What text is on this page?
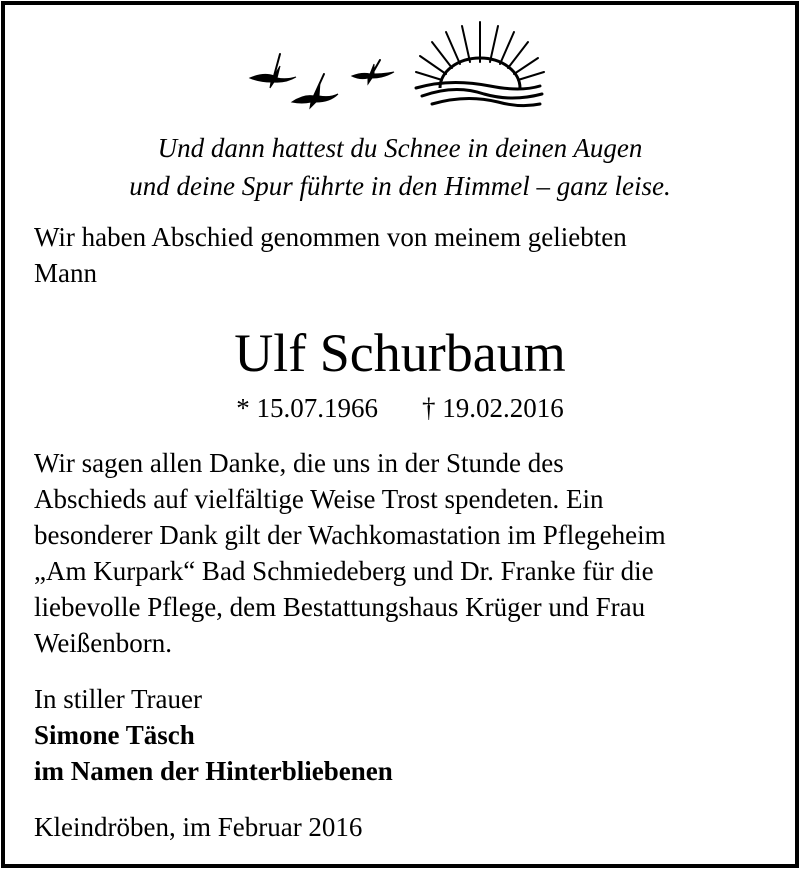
Und dann hattest du Schnee in deinen Augen
und deine Spur führte in den Himmel – ganz leise.
Wir haben Abschied genommen von meinem geliebten
Mann
Ulf Schurbaum
* 15.07.1966 † 19.02.2016
Wir sagen allen Danke, die uns in der Stunde des
Abschieds auf vielfältige Weise Trost spendeten. Ein
besonderer Dank gilt der Wachkomastation im Pflegeheim
„Am Kurpark“ Bad Schmiedeberg und Dr. Franke für die
liebevolle Pflege, dem Bestattungshaus Krüger und Frau
Weißenborn.
In stiller Trauer
Simone Täsch
im Namen der Hinterbliebenen
Kleindröben, im Februar 2016
